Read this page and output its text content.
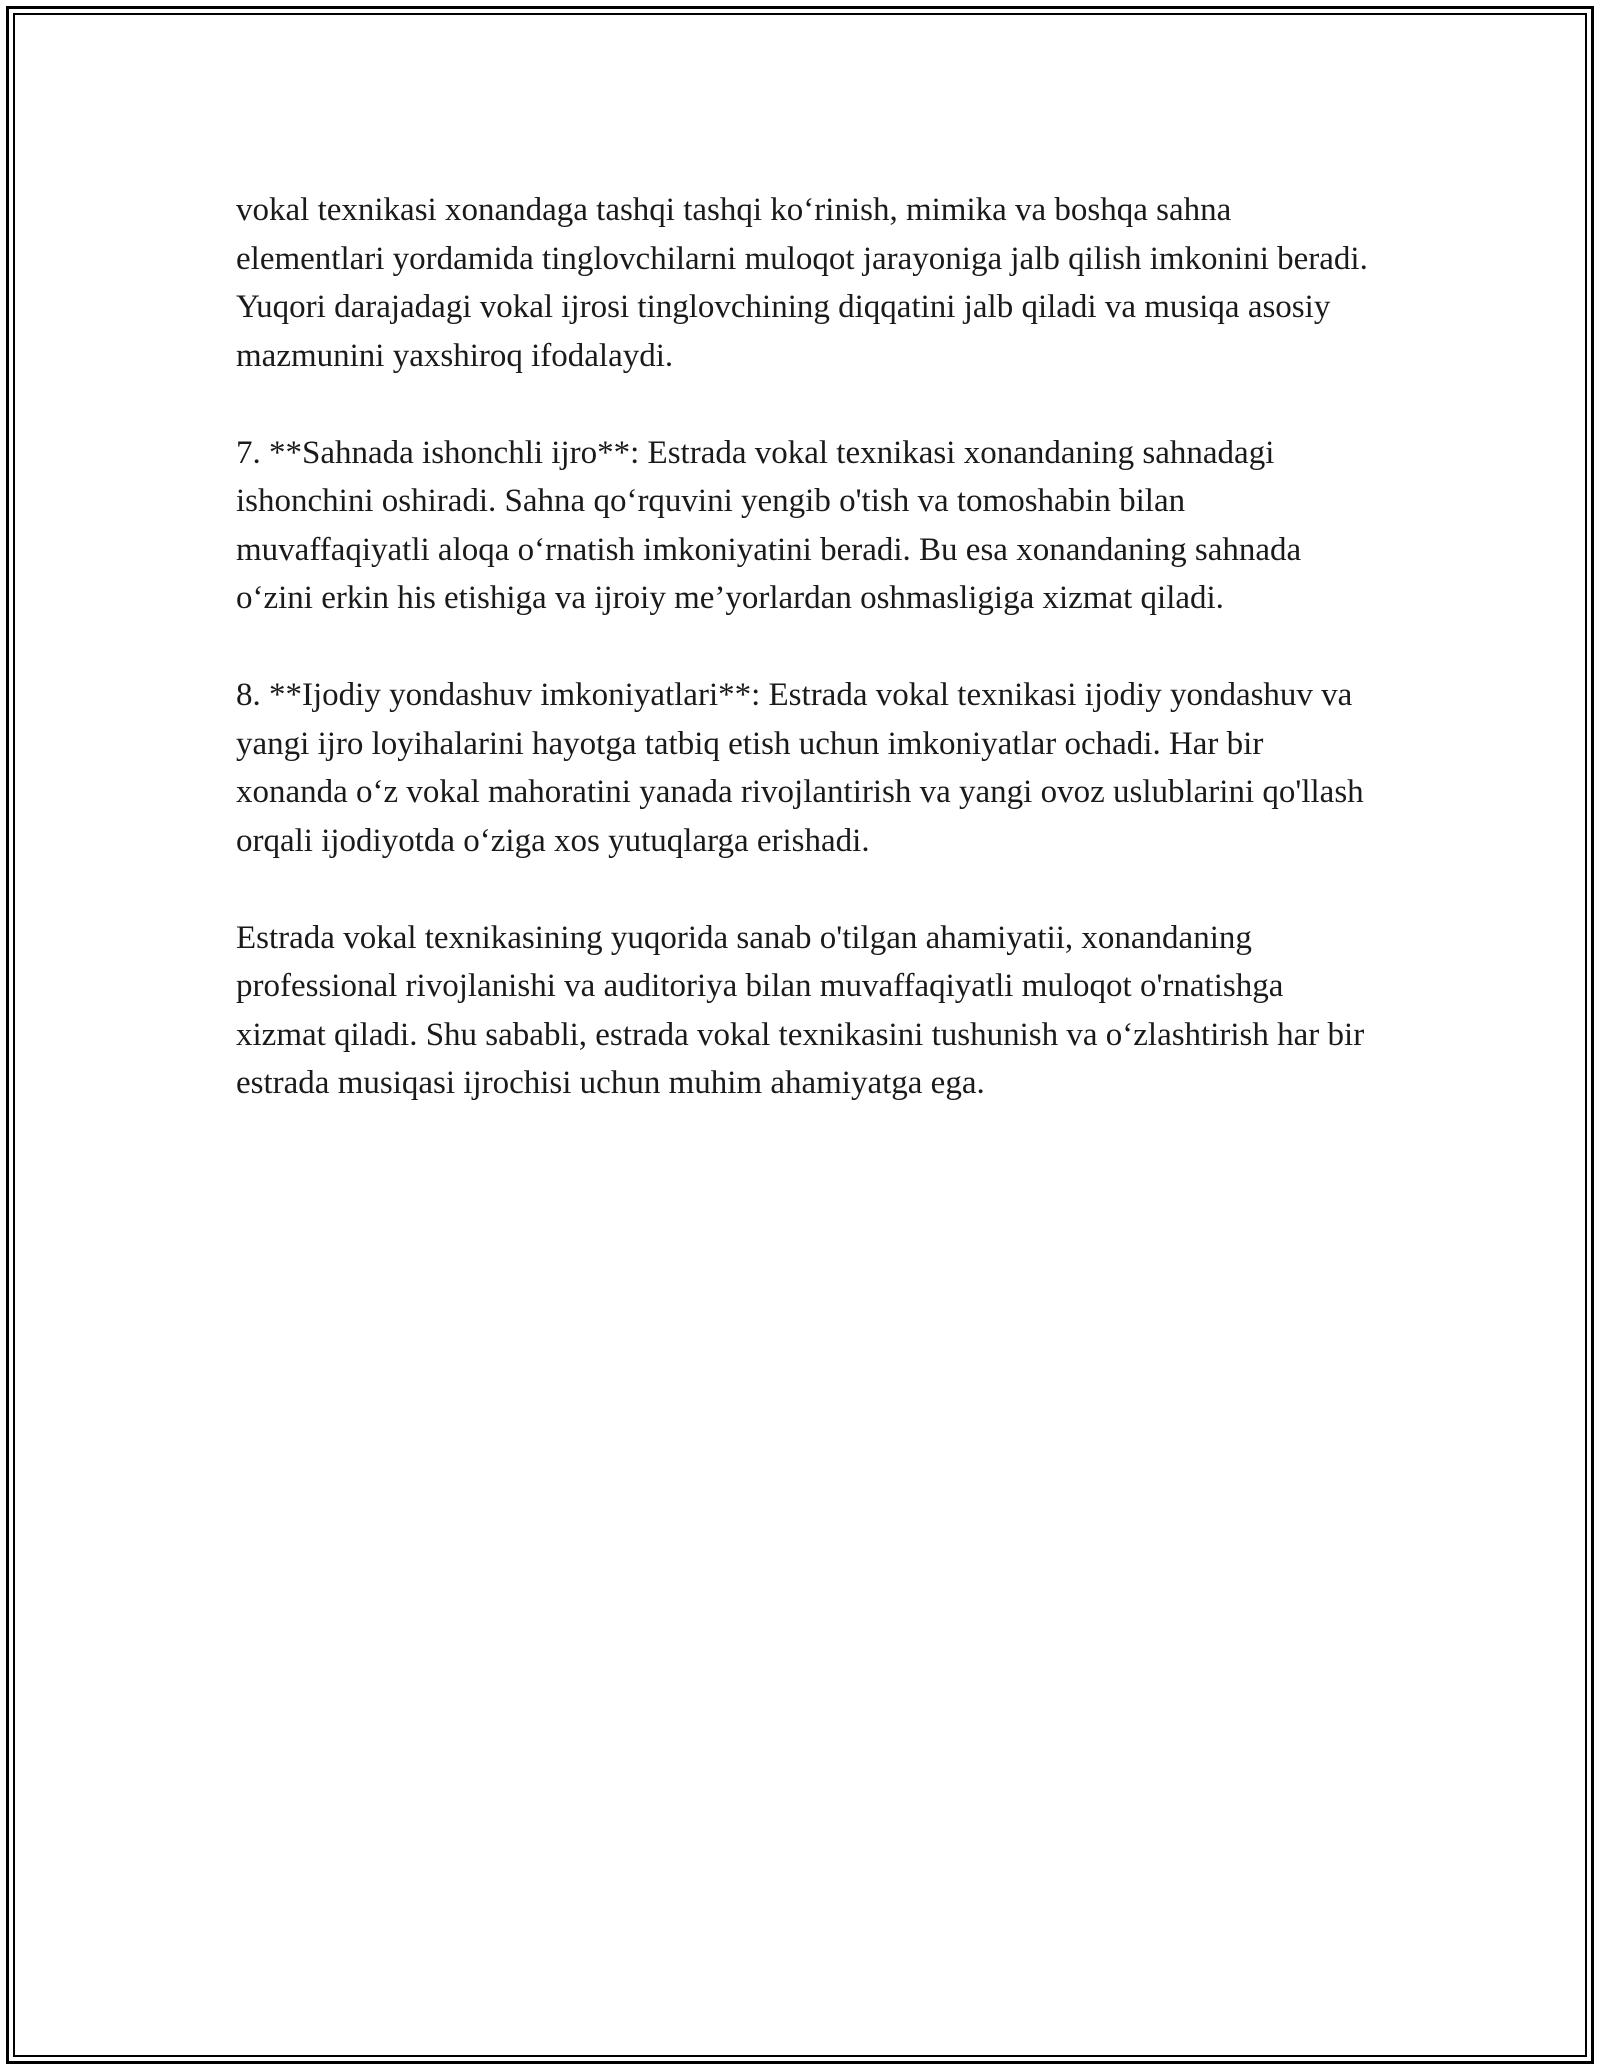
vokal texnikasi xonandaga tashqi tashqi ko‘rinish, mimika va boshqa sahna elementlari yordamida tinglovchilarni muloqot jarayoniga jalb qilish imkonini beradi. Yuqori darajadagi vokal ijrosi tinglovchining diqqatini jalb qiladi va musiqa asosiy mazmunini yaxshiroq ifodalaydi.

7. **Sahnada ishonchli ijro**: Estrada vokal texnikasi xonandaning sahnadagi ishonchini oshiradi. Sahna qo‘rquvini yengib o'tish va tomoshabin bilan muvaffaqiyatli aloqa o‘rnatish imkoniyatini beradi. Bu esa xonandaning sahnada o‘zini erkin his etishiga va ijroiy me’yorlardan oshmasligiga xizmat qiladi.

8. **Ijodiy yondashuv imkoniyatlari**: Estrada vokal texnikasi ijodiy yondashuv va yangi ijro loyihalarini hayotga tatbiq etish uchun imkoniyatlar ochadi. Har bir xonanda o‘z vokal mahoratini yanada rivojlantirish va yangi ovoz uslublarini qo'llash orqali ijodiyotda o‘ziga xos yutuqlarga erishadi.

Estrada vokal texnikasining yuqorida sanab o'tilgan ahamiyatii, xonandaning professional rivojlanishi va auditoriya bilan muvaffaqiyatli muloqot o'rnatishga xizmat qiladi. Shu sababli, estrada vokal texnikasini tushunish va o‘zlashtirish har bir estrada musiqasi ijrochisi uchun muhim ahamiyatga ega.
